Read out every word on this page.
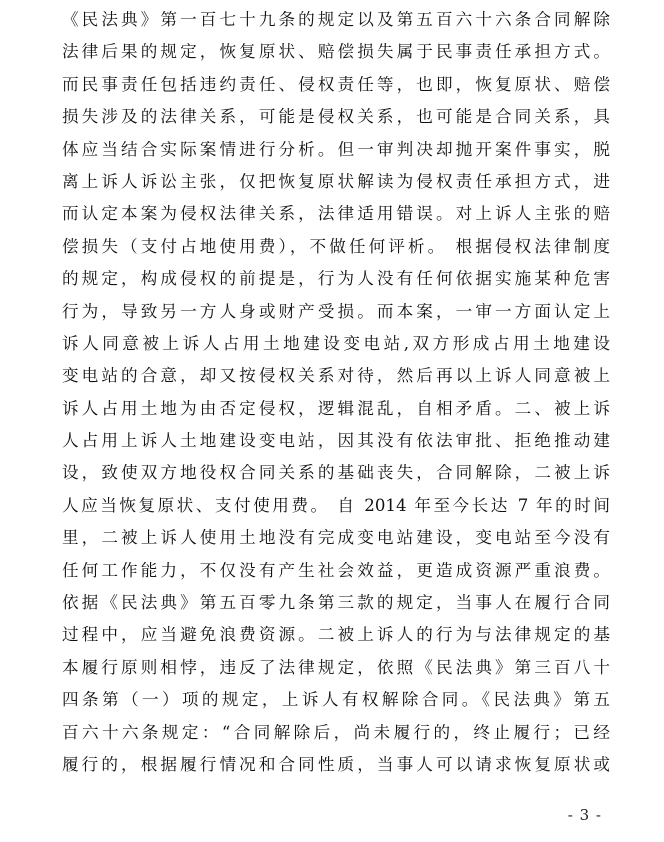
《民法典》第一百七十九条的规定以及第五百六十六条合同解除
法律后果的规定，恢复原状、赔偿损失属于民事责任承担方式。
而民事责任包括违约责任、侵权责任等，也即，恢复原状、赔偿
损失涉及的法律关系，可能是侵权关系，也可能是合同关系，具
体应当结合实际案情进行分析。但一审判决却抛开案件事实，脱
离上诉人诉讼主张，仅把恢复原状解读为侵权责任承担方式，进
而认定本案为侵权法律关系，法律适用错误。对上诉人主张的赔
偿损失（支付占地使用费），不做任何评析。 根据侵权法律制度
的规定，构成侵权的前提是，行为人没有任何依据实施某种危害
行为，导致另一方人身或财产受损。而本案，一审一方面认定上
诉人同意被上诉人占用土地建设变电站,双方形成占用土地建设
变电站的合意，却又按侵权关系对待，然后再以上诉人同意被上
诉人占用土地为由否定侵权，逻辑混乱，自相矛盾。二、被上诉
人占用上诉人土地建设变电站，因其没有依法审批、拒绝推动建
设，致使双方地役权合同关系的基础丧失，合同解除，二被上诉
人应当恢复原状、支付使用费。 自 2014 年至今长达 7 年的时间
里，二被上诉人使用土地没有完成变电站建设，变电站至今没有
任何工作能力，不仅没有产生社会效益，更造成资源严重浪费。
依据《民法典》第五百零九条第三款的规定，当事人在履行合同
过程中，应当避免浪费资源。二被上诉人的行为与法律规定的基
本履行原则相悖，违反了法律规定，依照《民法典》第三百八十
四条第（一）项的规定，上诉人有权解除合同。《民法典》第五
百六十六条规定：“合同解除后，尚未履行的，终止履行；已经
履行的，根据履行情况和合同性质，当事人可以请求恢复原状或
- 3 -
